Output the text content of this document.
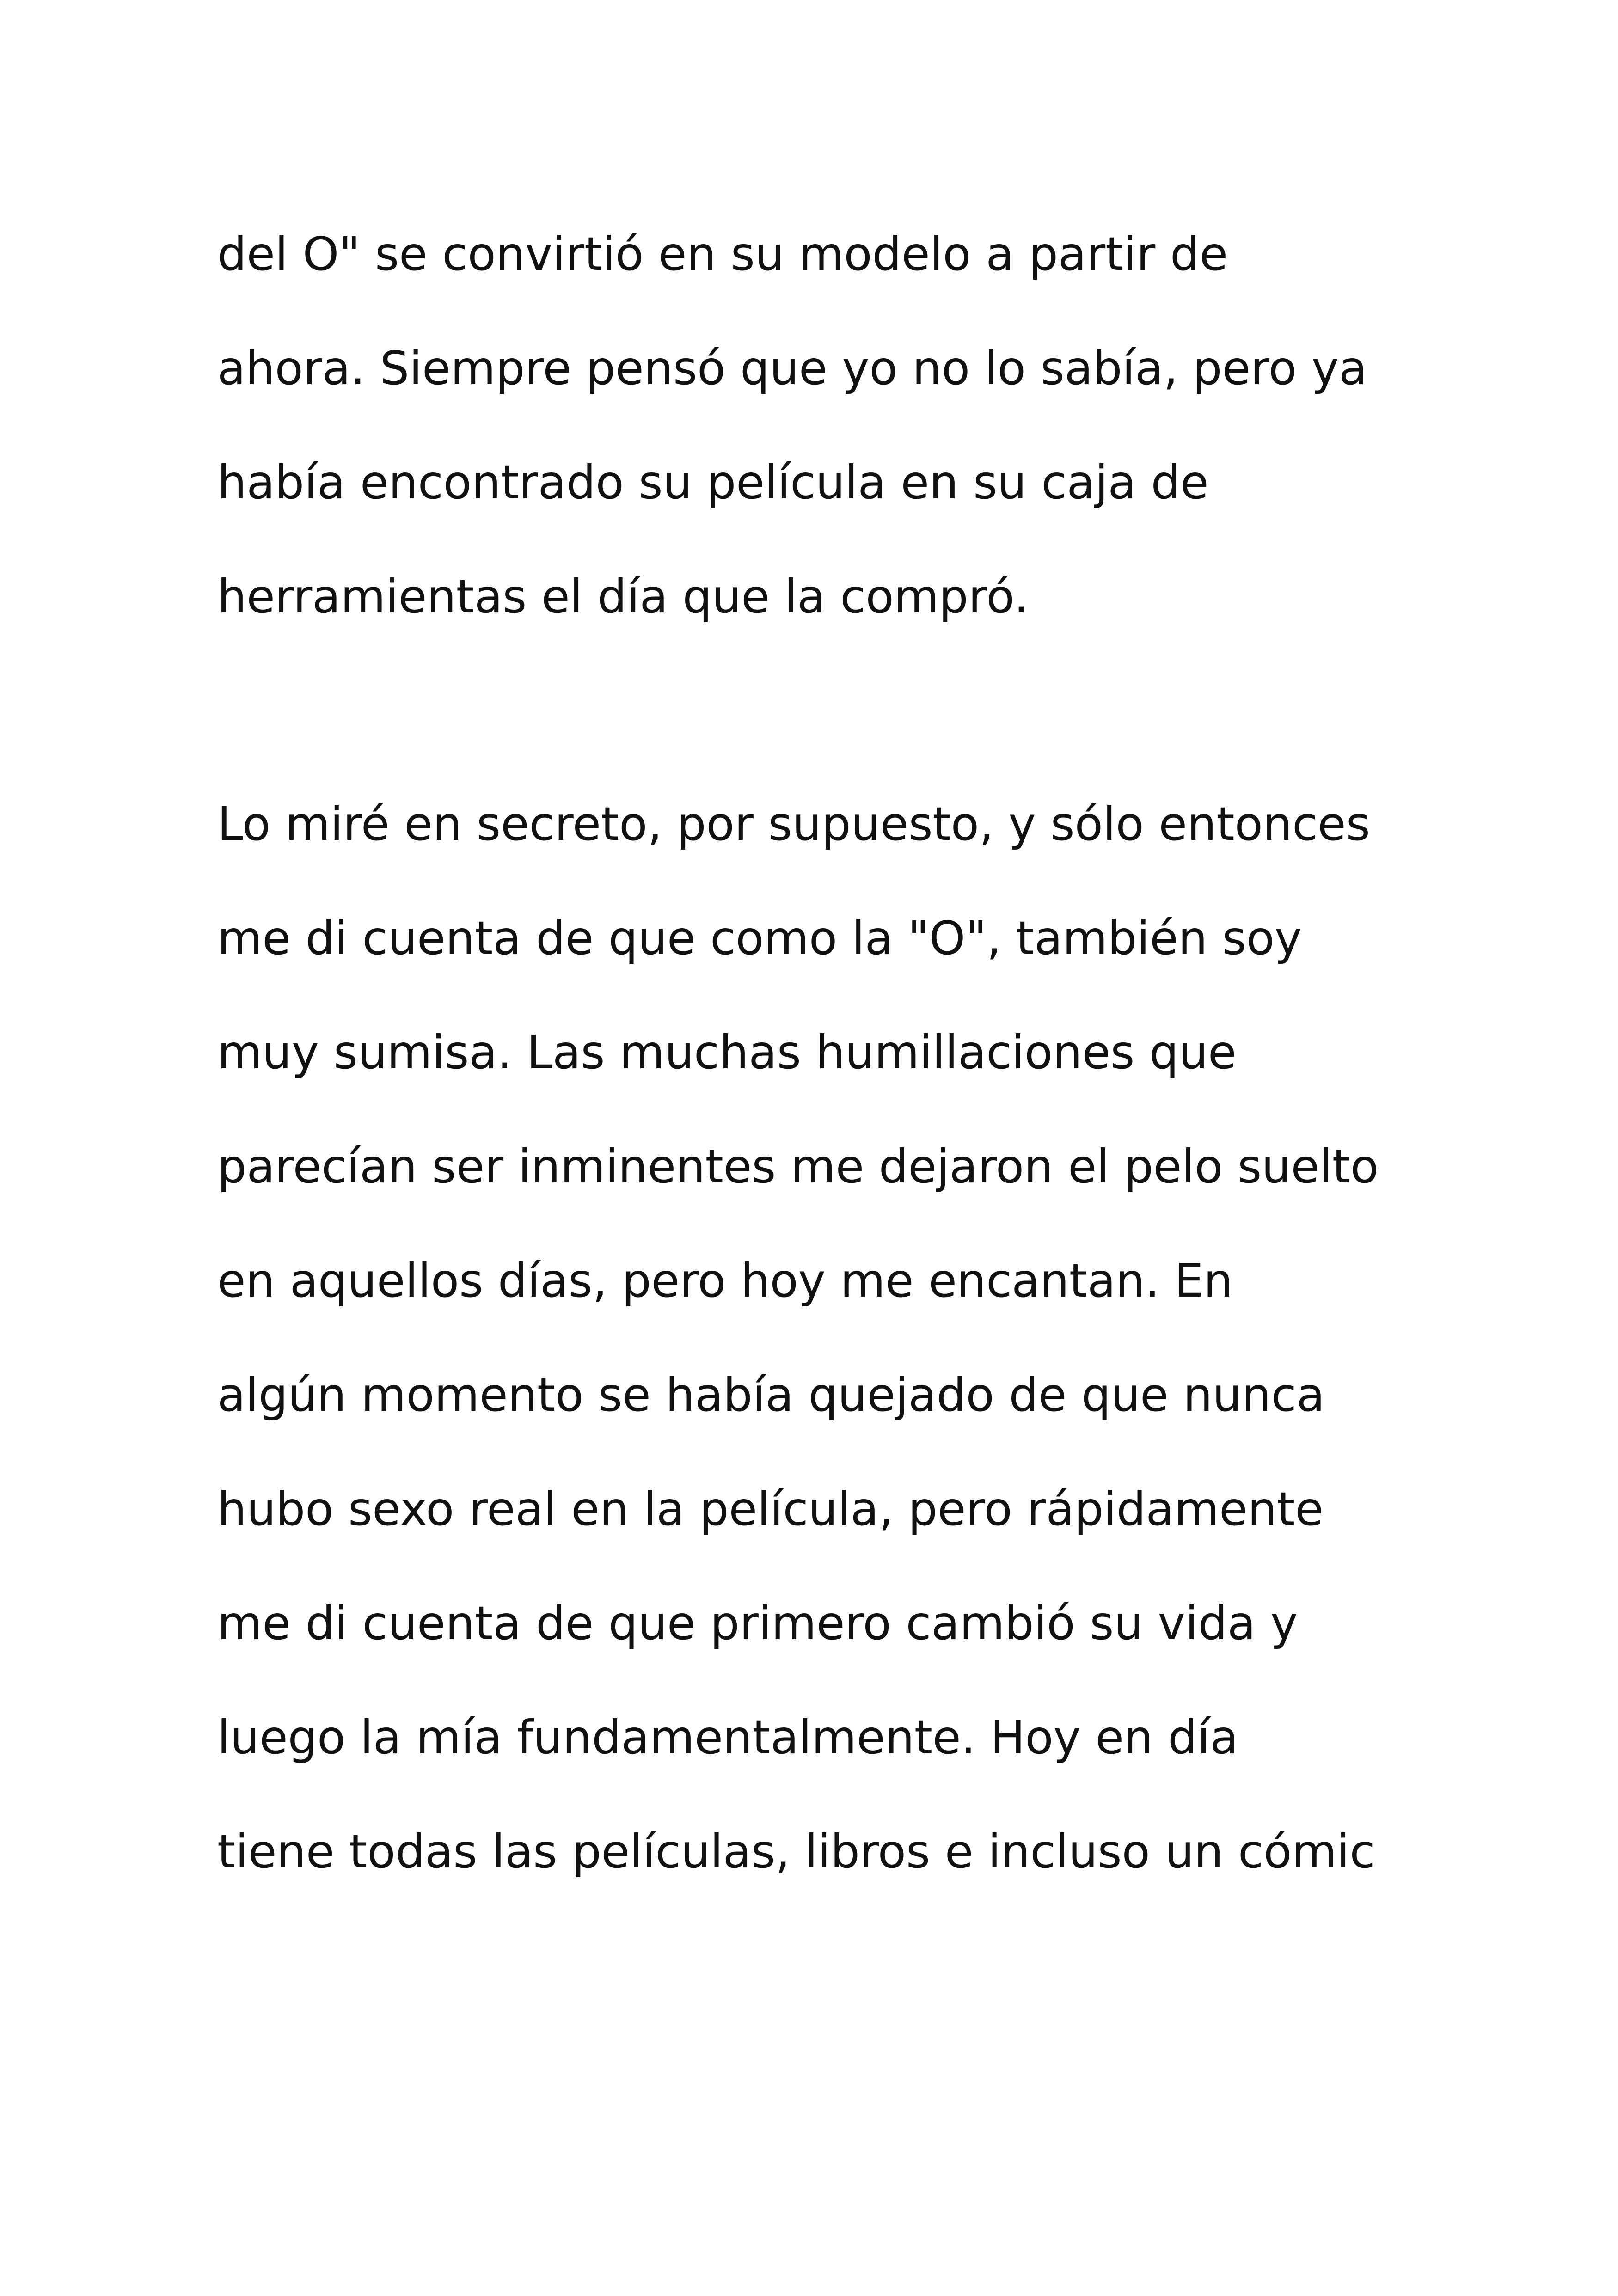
del O" se convirtió en su modelo a partir de
ahora. Siempre pensó que yo no lo sabía, pero ya
había encontrado su película en su caja de
herramientas el día que la compró.
Lo miré en secreto, por supuesto, y sólo entonces
me di cuenta de que como la "O", también soy
muy sumisa. Las muchas humillaciones que
parecían ser inminentes me dejaron el pelo suelto
en aquellos días, pero hoy me encantan. En
algún momento se había quejado de que nunca
hubo sexo real en la película, pero rápidamente
me di cuenta de que primero cambió su vida y
luego la mía fundamentalmente. Hoy en día
tiene todas las películas, libros e incluso un cómic
